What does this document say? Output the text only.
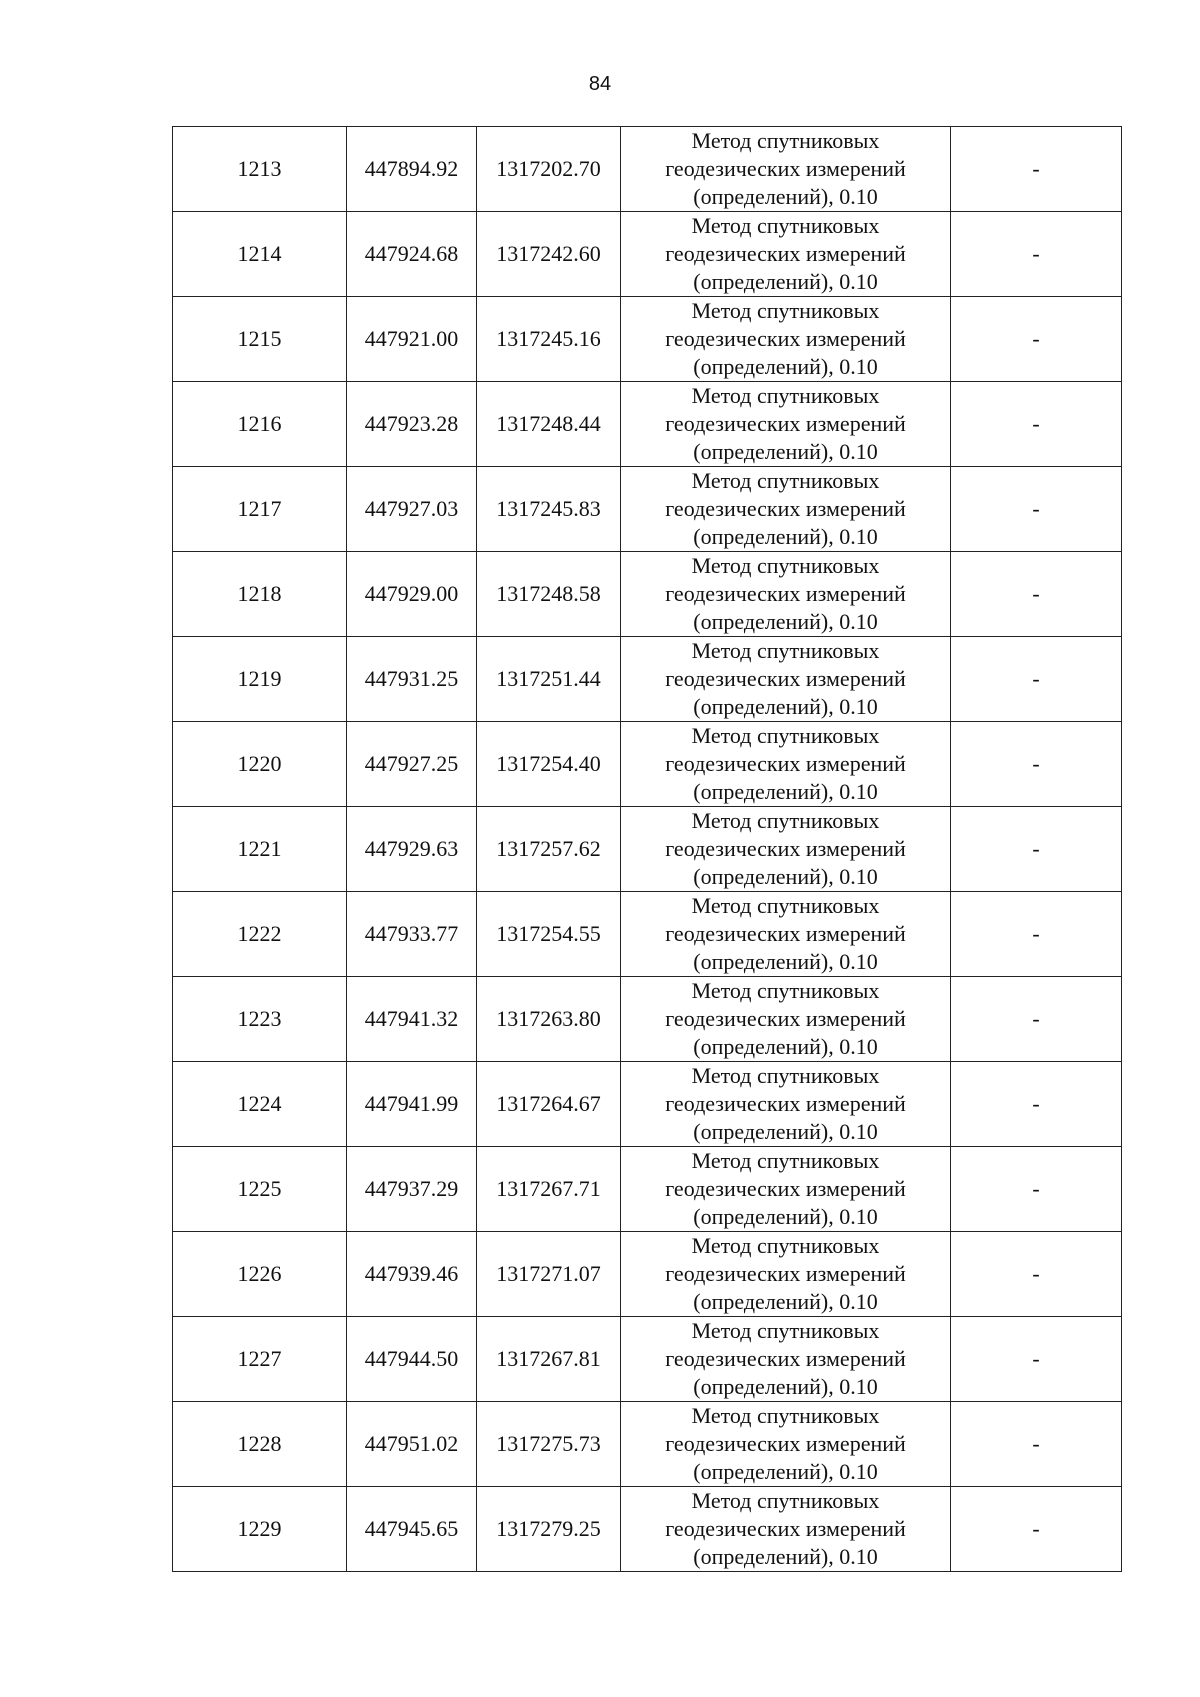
84
1213	447894.92	1317202.70	Метод спутниковых
геодезических измерений
(определений), 0.10	-
1214	447924.68	1317242.60	Метод спутниковых
геодезических измерений
(определений), 0.10	-
1215	447921.00	1317245.16	Метод спутниковых
геодезических измерений
(определений), 0.10	-
1216	447923.28	1317248.44	Метод спутниковых
геодезических измерений
(определений), 0.10	-
1217	447927.03	1317245.83	Метод спутниковых
геодезических измерений
(определений), 0.10	-
1218	447929.00	1317248.58	Метод спутниковых
геодезических измерений
(определений), 0.10	-
1219	447931.25	1317251.44	Метод спутниковых
геодезических измерений
(определений), 0.10	-
1220	447927.25	1317254.40	Метод спутниковых
геодезических измерений
(определений), 0.10	-
1221	447929.63	1317257.62	Метод спутниковых
геодезических измерений
(определений), 0.10	-
1222	447933.77	1317254.55	Метод спутниковых
геодезических измерений
(определений), 0.10	-
1223	447941.32	1317263.80	Метод спутниковых
геодезических измерений
(определений), 0.10	-
1224	447941.99	1317264.67	Метод спутниковых
геодезических измерений
(определений), 0.10	-
1225	447937.29	1317267.71	Метод спутниковых
геодезических измерений
(определений), 0.10	-
1226	447939.46	1317271.07	Метод спутниковых
геодезических измерений
(определений), 0.10	-
1227	447944.50	1317267.81	Метод спутниковых
геодезических измерений
(определений), 0.10	-
1228	447951.02	1317275.73	Метод спутниковых
геодезических измерений
(определений), 0.10	-
1229	447945.65	1317279.25	Метод спутниковых
геодезических измерений
(определений), 0.10	-
